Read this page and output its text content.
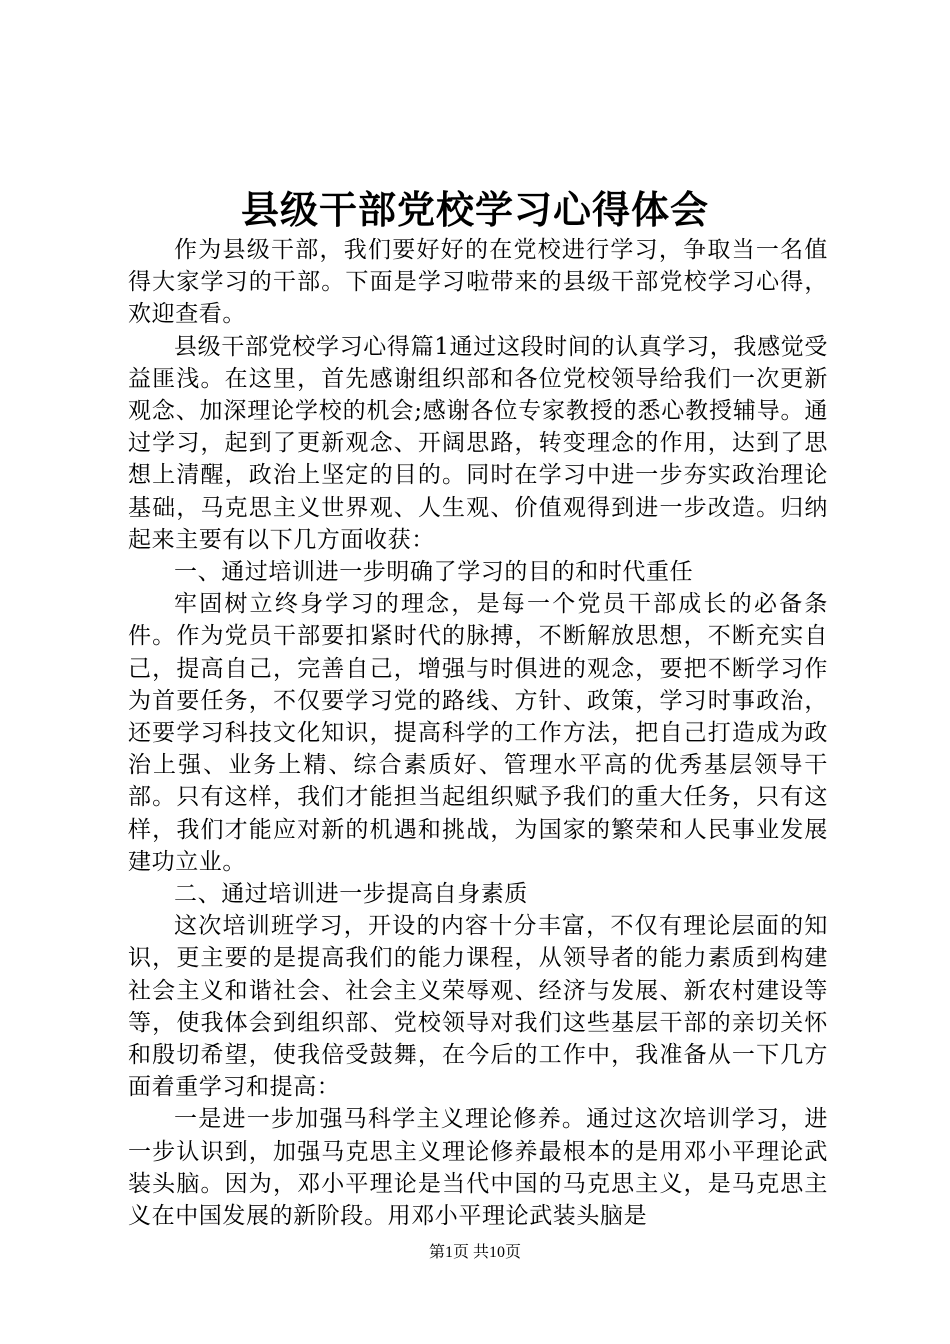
县级干部党校学习心得体会

作为县级干部，我们要好好的在党校进行学习，争取当一名值得大家学习的干部。下面是学习啦带来的县级干部党校学习心得，欢迎查看。

县级干部党校学习心得篇1通过这段时间的认真学习，我感觉受益匪浅。在这里，首先感谢组织部和各位党校领导给我们一次更新观念、加深理论学校的机会;感谢各位专家教授的悉心教授辅导。通过学习，起到了更新观念、开阔思路，转变理念的作用，达到了思想上清醒，政治上坚定的目的。同时在学习中进一步夯实政治理论基础，马克思主义世界观、人生观、价值观得到进一步改造。归纳起来主要有以下几方面收获：

一、通过培训进一步明确了学习的目的和时代重任

牢固树立终身学习的理念，是每一个党员干部成长的必备条件。作为党员干部要扣紧时代的脉搏，不断解放思想，不断充实自己，提高自己，完善自己，增强与时俱进的观念，要把不断学习作为首要任务，不仅要学习党的路线、方针、政策，学习时事政治，还要学习科技文化知识，提高科学的工作方法，把自己打造成为政治上强、业务上精、综合素质好、管理水平高的优秀基层领导干部。只有这样，我们才能担当起组织赋予我们的重大任务，只有这样，我们才能应对新的机遇和挑战，为国家的繁荣和人民事业发展建功立业。

二、通过培训进一步提高自身素质

这次培训班学习，开设的内容十分丰富，不仅有理论层面的知识，更主要的是提高我们的能力课程，从领导者的能力素质到构建社会主义和谐社会、社会主义荣辱观、经济与发展、新农村建设等等，使我体会到组织部、党校领导对我们这些基层干部的亲切关怀和殷切希望，使我倍受鼓舞，在今后的工作中，我准备从一下几方面着重学习和提高：

一是进一步加强马科学主义理论修养。通过这次培训学习，进一步认识到，加强马克思主义理论修养最根本的是用邓小平理论武装头脑。因为，邓小平理论是当代中国的马克思主义，是马克思主义在中国发展的新阶段。用邓小平理论武装头脑是

第1页 共10页
